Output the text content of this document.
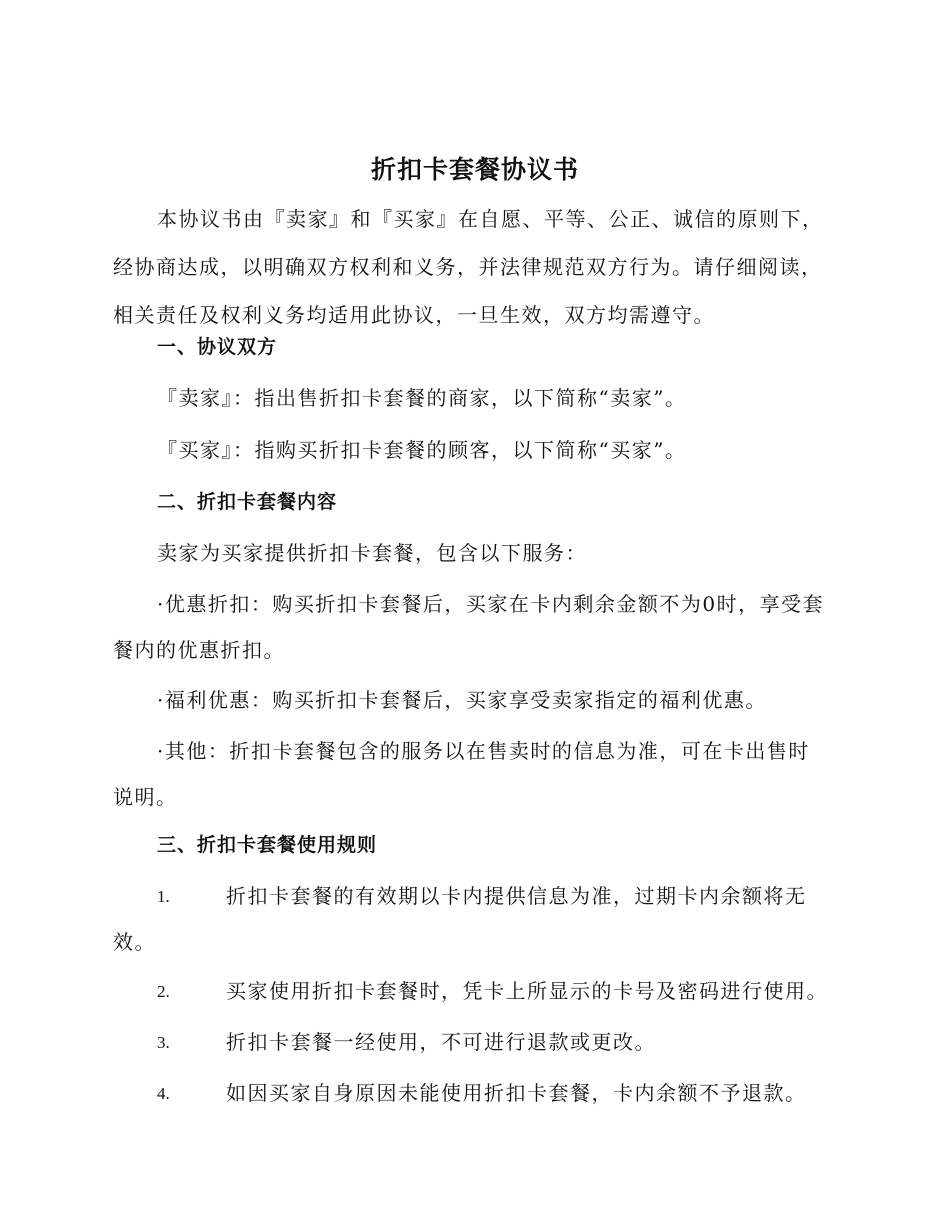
折扣卡套餐协议书

本协议书由『卖家』和『买家』在自愿、平等、公正、诚信的原则下，经协商达成，以明确双方权利和义务，并法律规范双方行为。请仔细阅读，相关责任及权利义务均适用此协议，一旦生效，双方均需遵守。

一、协议双方
『卖家』：指出售折扣卡套餐的商家，以下简称“卖家”。
『买家』：指购买折扣卡套餐的顾客，以下简称“买家”。
二、折扣卡套餐内容
卖家为买家提供折扣卡套餐，包含以下服务：
·优惠折扣：购买折扣卡套餐后，买家在卡内剩余金额不为0时，享受套餐内的优惠折扣。
·福利优惠：购买折扣卡套餐后，买家享受卖家指定的福利优惠。
·其他：折扣卡套餐包含的服务以在售卖时的信息为准，可在卡出售时说明。
三、折扣卡套餐使用规则
1.	折扣卡套餐的有效期以卡内提供信息为准，过期卡内余额将无效。
2.	买家使用折扣卡套餐时，凭卡上所显示的卡号及密码进行使用。
3.	折扣卡套餐一经使用，不可进行退款或更改。
4.	如因买家自身原因未能使用折扣卡套餐，卡内余额不予退款。
